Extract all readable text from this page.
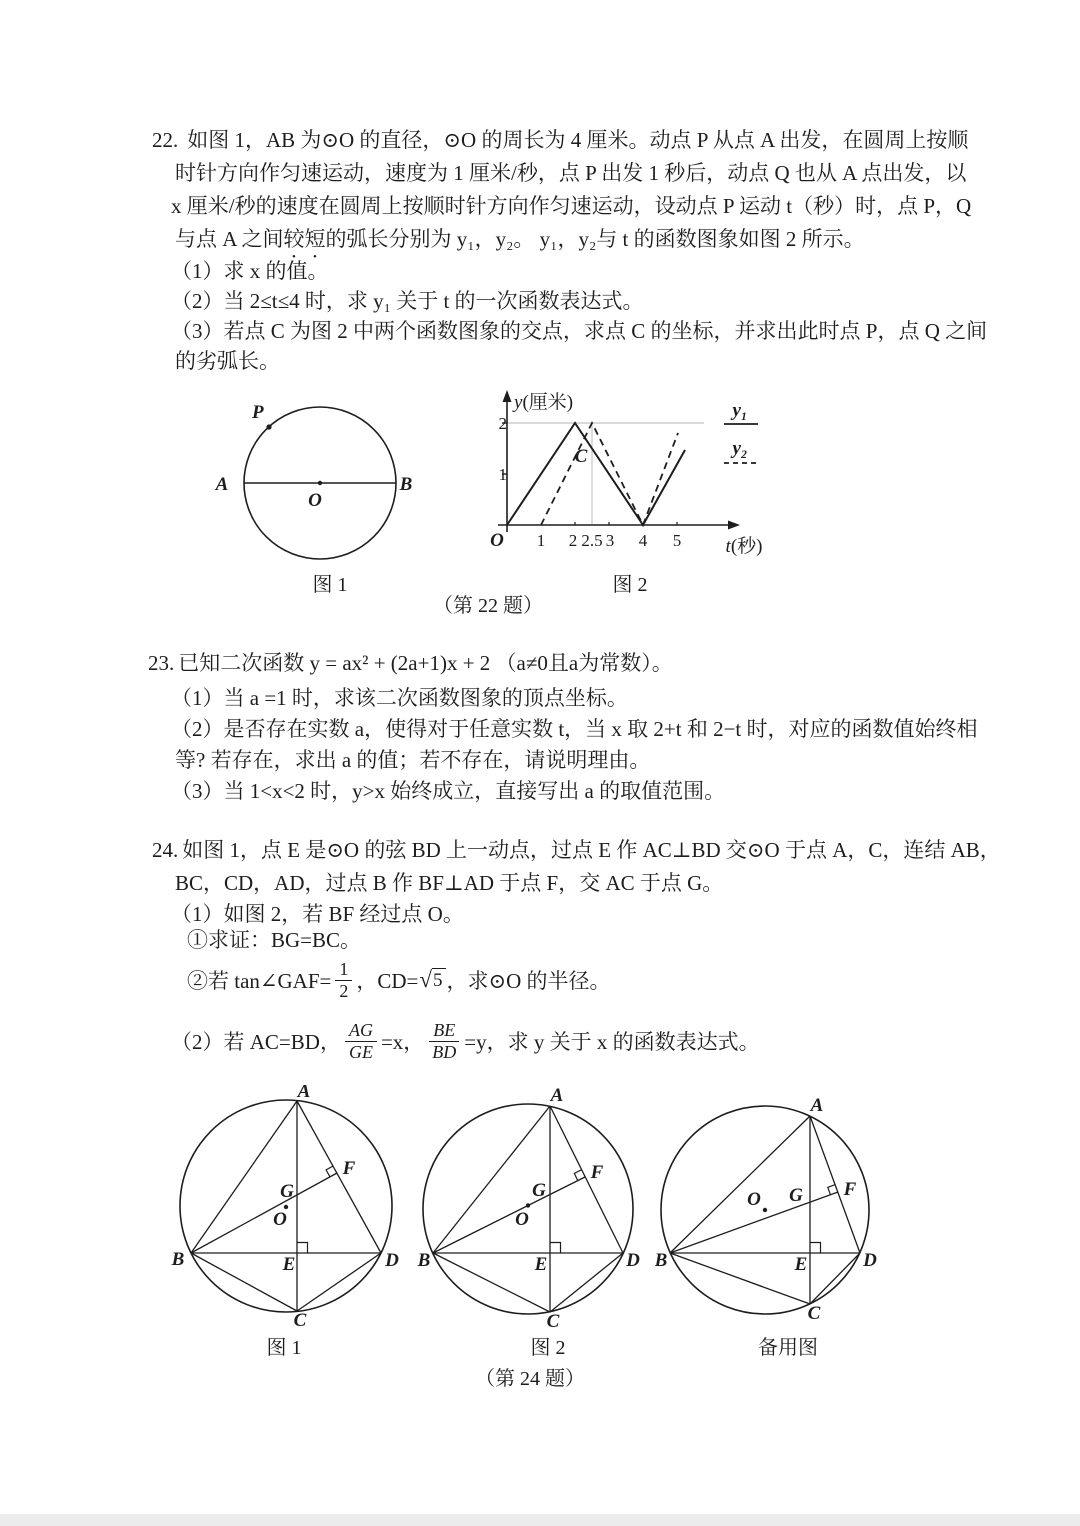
22. 如图 1，AB 为⊙O 的直径，⊙O 的周长为 4 厘米。动点 P 从点 A 出发，在圆周上按顺
时针方向作匀速运动，速度为 1 厘米/秒，点 P 出发 1 秒后，动点 Q 也从 A 点出发，以
x 厘米/秒的速度在圆周上按顺时针方向作匀速运动，设动点 P 运动 t（秒）时，点 P，Q
与点 A 之间较短的弧长分别为 y₁，y₂。 y₁，y₂与 t 的函数图象如图 2 所示。
（1）求 x 的值。
（2）当 2≤t≤4 时，求 y₁ 关于 t 的一次函数表达式。
（3）若点 C 为图 2 中两个函数图象的交点，求点 C 的坐标，并求出此时点 P，点 Q 之间
的劣弧长。
P
A	B
O
y(厘米)
t(秒)
O
2
1
1 2 2.5 3 4 5
C
y₁
y₂
图 1	图 2
（第 22 题）
23. 已知二次函数 y = ax² + (2a+1)x + 2 （a≠0且a为常数）。
（1）当 a =1 时，求该二次函数图象的顶点坐标。
（2）是否存在实数 a，使得对于任意实数 t，当 x 取 2+t 和 2−t 时，对应的函数值始终相
等? 若存在，求出 a 的值；若不存在，请说明理由。
（3）当 1<x<2 时，y>x 始终成立，直接写出 a 的取值范围。
24. 如图 1，点 E 是⊙O 的弦 BD 上一动点，过点 E 作 AC⊥BD 交⊙O 于点 A，C，连结 AB，
BC，CD，AD，过点 B 作 BF⊥AD 于点 F，交 AC 于点 G。
（1）如图 2，若 BF 经过点 O。
①求证：BG=BC。
②若 tan∠GAF= $\frac{1}{2}$ ，CD= √ 5 ，求⊙O 的半径。
（2）若 AC=BD， $\frac{AG}{GE} =x$， $\frac{BE}{BD} =y$，求 y 关于 x 的函数表达式。
A
B
C
D
E
F
G
O
A
B
C
D
E
F
G
O
A
B
C
D
E
F
G
O
图 1	图 2	备用图
（第 24 题）
